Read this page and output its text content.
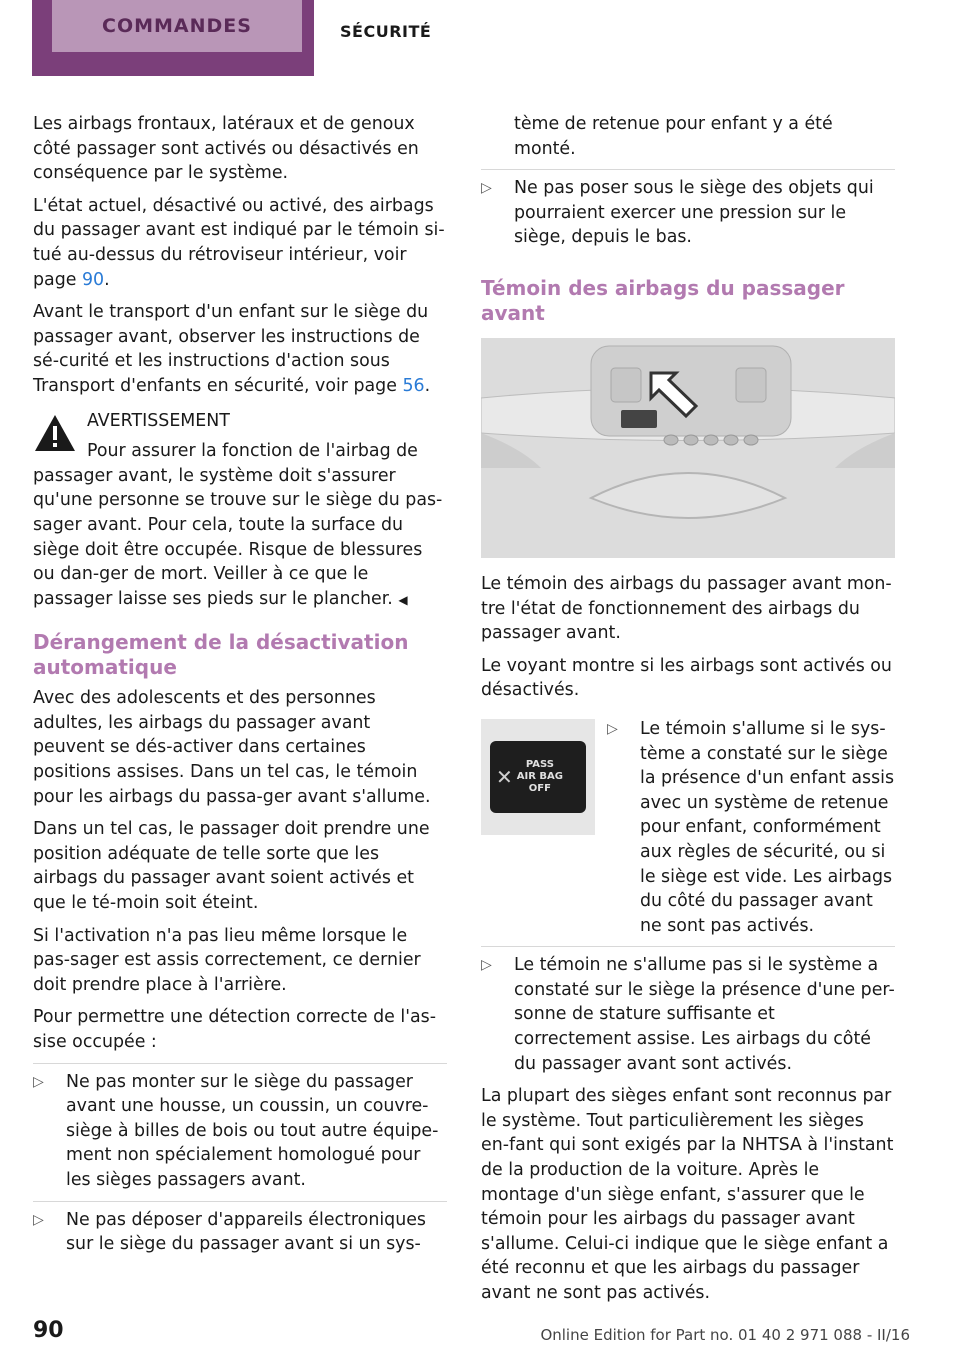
COMMANDES	SÉCURITÉ

Les airbags frontaux, latéraux et de genoux côté passager sont activés ou désactivés en conséquence par le système.

L'état actuel, désactivé ou activé, des airbags du passager avant est indiqué par le témoin si-tué au-dessus du rétroviseur intérieur, voir page 90.

Avant le transport d'un enfant sur le siège du passager avant, observer les instructions de sé-curité et les instructions d'action sous Transport d'enfants en sécurité, voir page 56.

AVERTISSEMENT
Pour assurer la fonction de l'airbag de passager avant, le système doit s'assurer qu'une personne se trouve sur le siège du pas-sager avant. Pour cela, toute la surface du siège doit être occupée. Risque de blessures ou dan-ger de mort. Veiller à ce que le passager laisse ses pieds sur le plancher. ◀
Dérangement de la désactivation automatique

Avec des adolescents et des personnes adultes, les airbags du passager avant peuvent se dés-activer dans certaines positions assises. Dans un tel cas, le témoin pour les airbags du passa-ger avant s'allume.

Dans un tel cas, le passager doit prendre une position adéquate de telle sorte que les airbags du passager avant soient activés et que le té-moin soit éteint.

Si l'activation n'a pas lieu même lorsque le pas-sager est assis correctement, ce dernier doit prendre place à l'arrière.

Pour permettre une détection correcte de l'as-sise occupée :

▷ Ne pas monter sur le siège du passager avant une housse, un coussin, un couvre-siège à billes de bois ou tout autre équipe-ment non spécialement homologué pour les sièges passagers avant.
▷ Ne pas déposer d'appareils électroniques sur le siège du passager avant si un sys-

tème de retenue pour enfant y a été monté.

▷ Ne pas poser sous le siège des objets qui pourraient exercer une pression sur le siège, depuis le bas.
Témoin des airbags du passager avant

Le témoin des airbags du passager avant mon-tre l'état de fonctionnement des airbags du passager avant.

Le voyant montre si les airbags sont activés ou désactivés.

✕
PASS
AIR BAG
OFF
▷ Le témoin s'allume si le sys-tème a constaté sur le siège la présence d'un enfant assis avec un système de retenue pour enfant, conformément aux règles de sécurité, ou si le siège est vide. Les airbags du côté du passager avant ne sont pas activés.
▷ Le témoin ne s'allume pas si le système a constaté sur le siège la présence d'une per-sonne de stature suffisante et correctement assise. Les airbags du côté du passager avant sont activés.

La plupart des sièges enfant sont reconnus par le système. Tout particulièrement les sièges en-fant qui sont exigés par la NHTSA à l'instant de la production de la voiture. Après le montage d'un siège enfant, s'assurer que le témoin pour les airbags du passager avant s'allume. Celui-ci indique que le siège enfant a été reconnu et que les airbags du passager avant ne sont pas activés.

90	Online Edition for Part no. 01 40 2 971 088 - II/16
